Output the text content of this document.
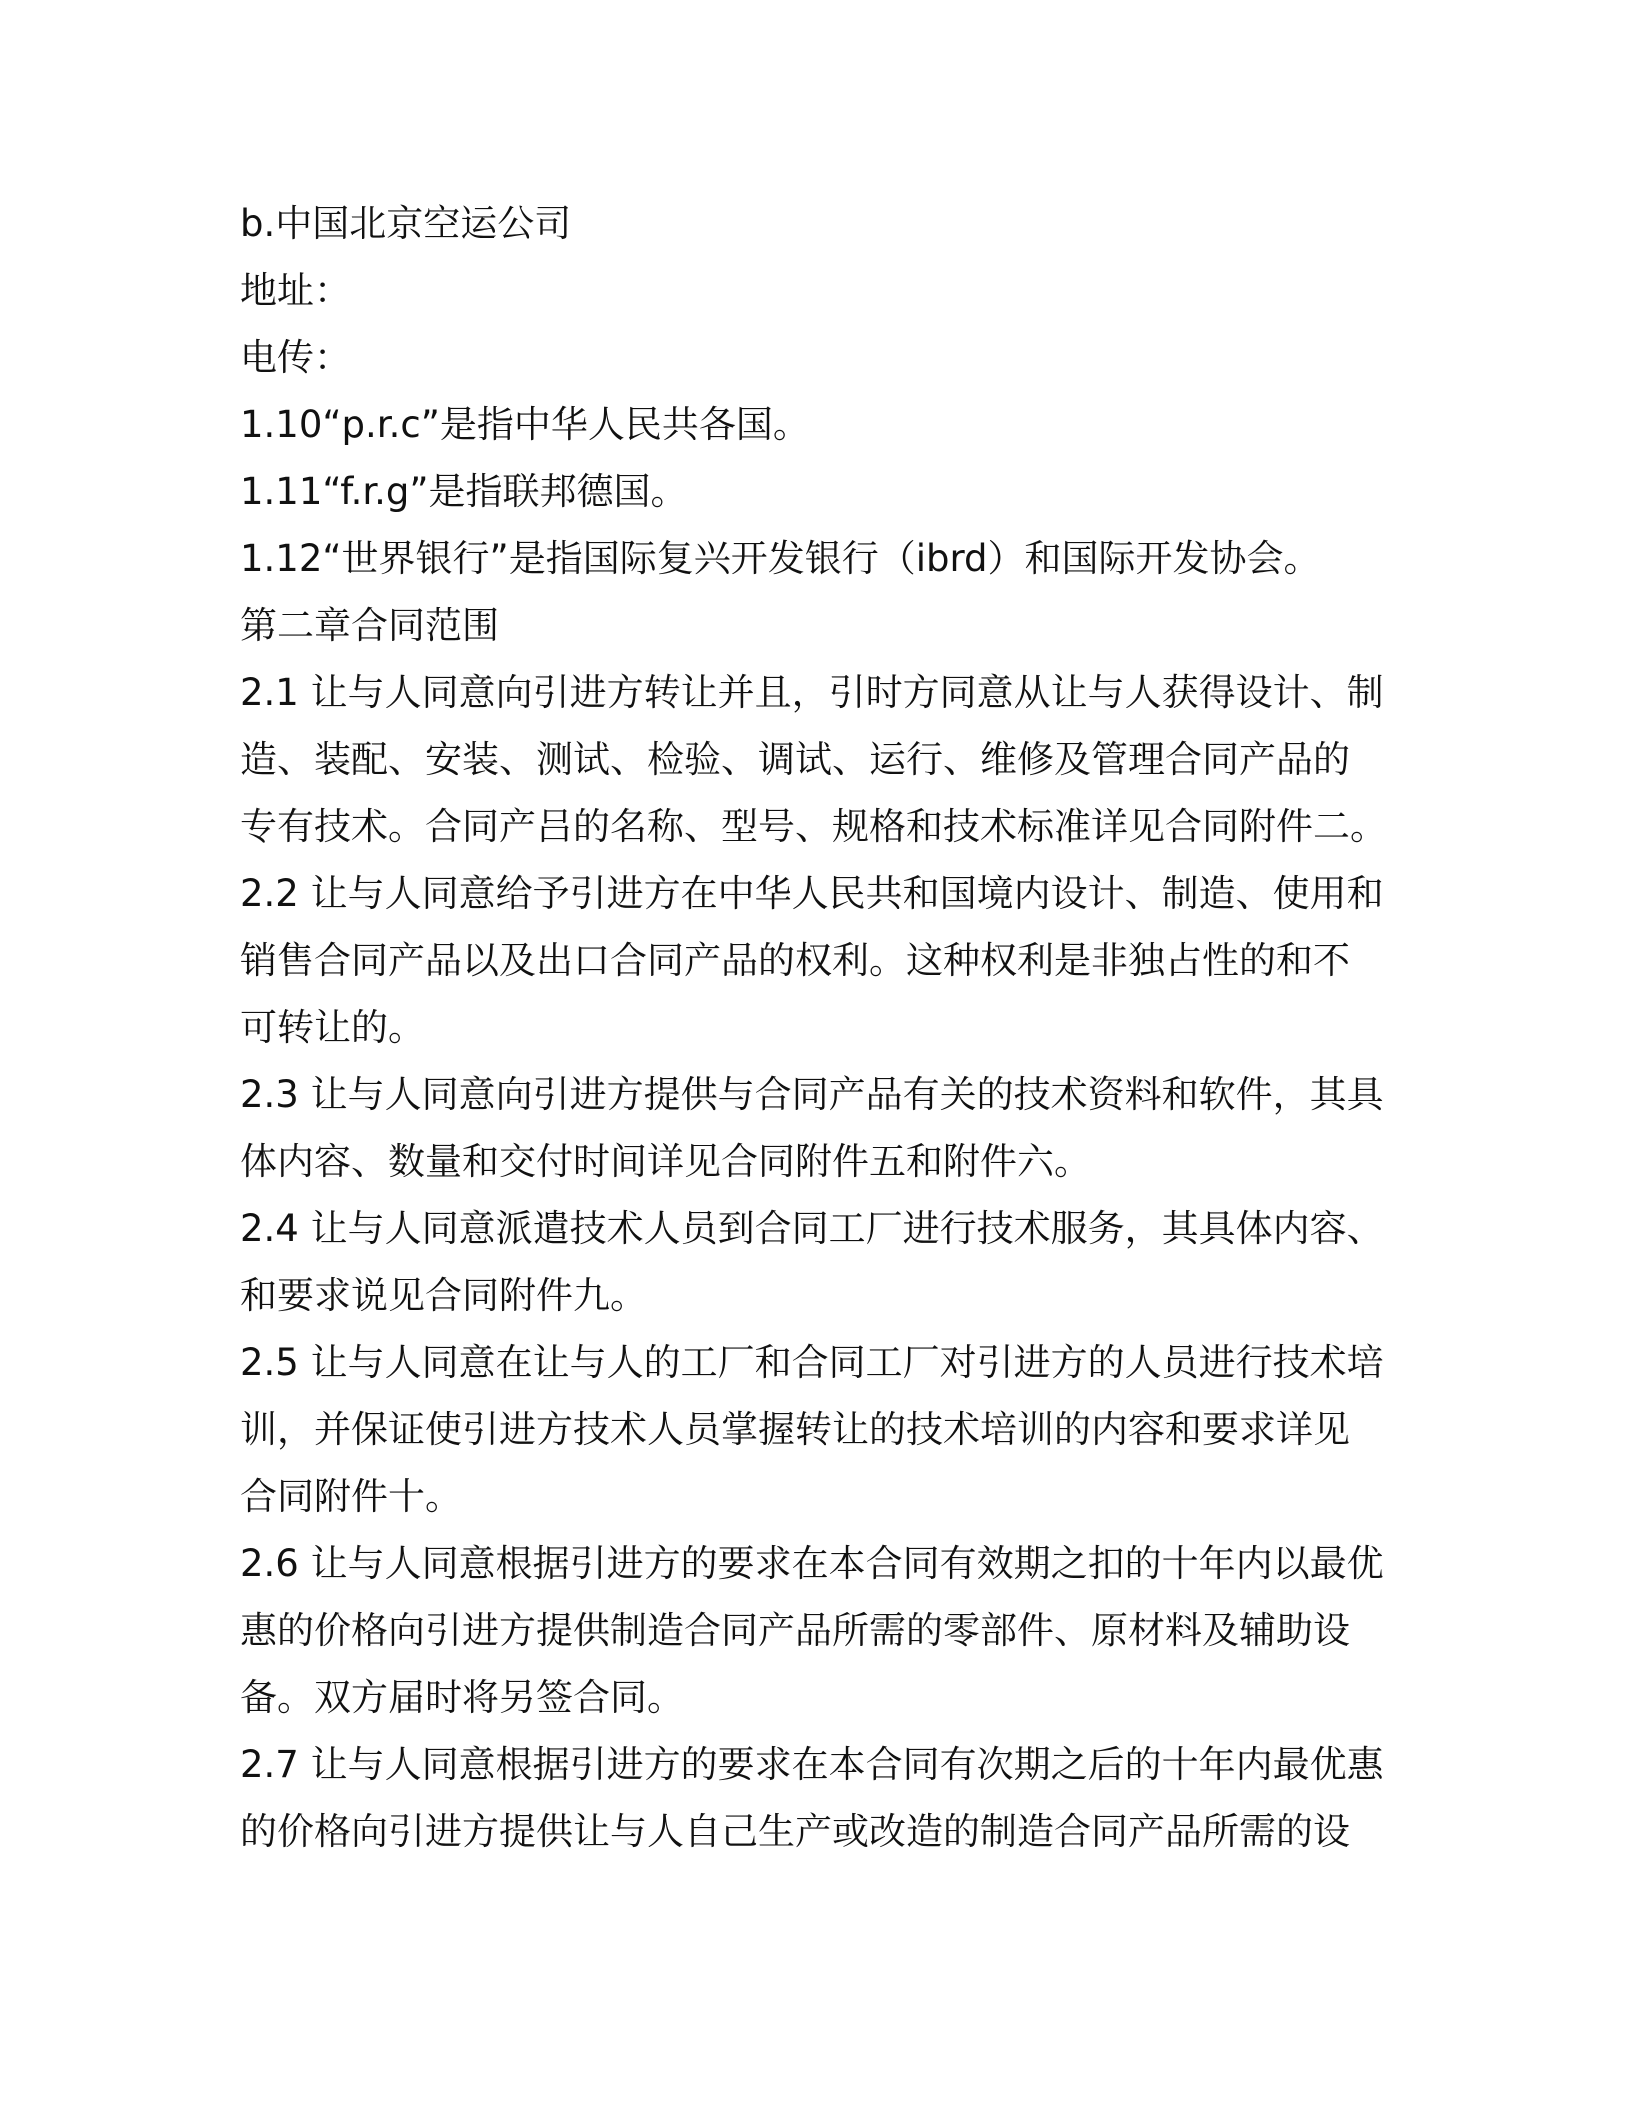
b.中国北京空运公司
地址：
电传：
1.10“p.r.c”是指中华人民共各国。
1.11“f.r.g”是指联邦德国。
1.12“世界银行”是指国际复兴开发银行（ibrd）和国际开发协会。
第二章合同范围
2.1 让与人同意向引进方转让并且，引时方同意从让与人获得设计、制
造、装配、安装、测试、检验、调试、运行、维修及管理合同产品的
专有技术。合同产吕的名称、型号、规格和技术标准详见合同附件二。
2.2 让与人同意给予引进方在中华人民共和国境内设计、制造、使用和
销售合同产品以及出口合同产品的权利。这种权利是非独占性的和不
可转让的。
2.3 让与人同意向引进方提供与合同产品有关的技术资料和软件，其具
体内容、数量和交付时间详见合同附件五和附件六。
2.4 让与人同意派遣技术人员到合同工厂进行技术服务，其具体内容、
和要求说见合同附件九。
2.5 让与人同意在让与人的工厂和合同工厂对引进方的人员进行技术培
训，并保证使引进方技术人员掌握转让的技术培训的内容和要求详见
合同附件十。
2.6 让与人同意根据引进方的要求在本合同有效期之扣的十年内以最优
惠的价格向引进方提供制造合同产品所需的零部件、原材料及辅助设
备。双方届时将另签合同。
2.7 让与人同意根据引进方的要求在本合同有次期之后的十年内最优惠
的价格向引进方提供让与人自己生产或改造的制造合同产品所需的设
